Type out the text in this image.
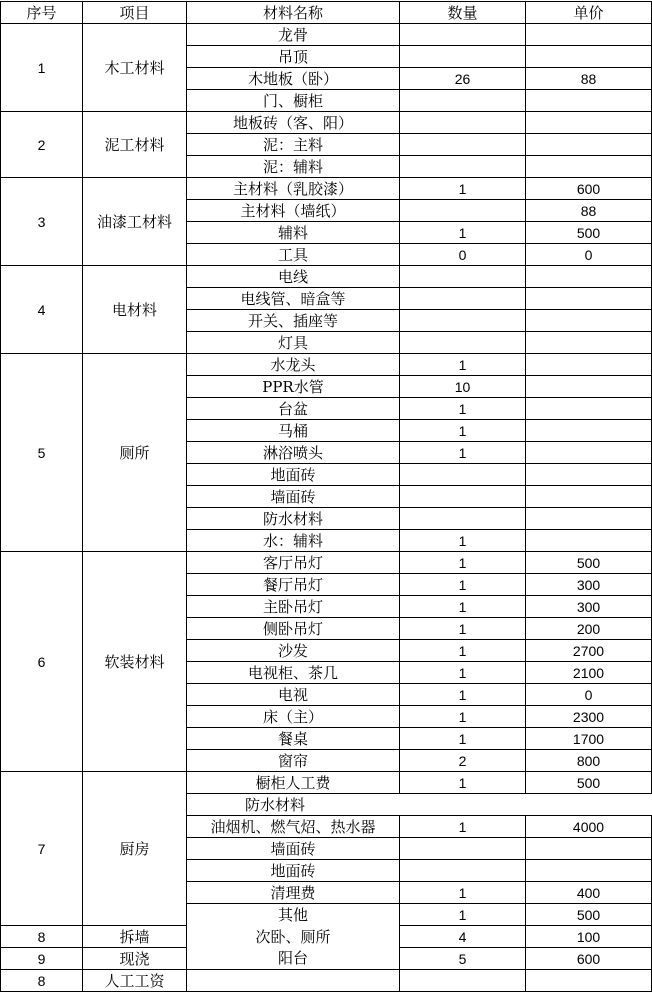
序号	项目	材料名称	数量	单价
1	木工材料	龙骨		
		吊顶		
		木地板（卧）	26	88
		门、橱柜		
2	泥工材料	地板砖（客、阳）		
		泥：主料		
		泥：辅料		
3	油漆工材料	主材料（乳胶漆）	1	600
		主材料（墙纸）		88
		辅料	1	500
		工具	0	0
4	电材料	电线		
		电线管、暗盒等		
		开关、插座等		
		灯具		
5	厕所	水龙头	1	
		PPR水管	10	
		台盆	1	
		马桶	1	
		淋浴喷头	1	
		地面砖		
		墙面砖		
		防水材料		
		水：辅料	1	
6	软装材料	客厅吊灯	1	500
		餐厅吊灯	1	300
		主卧吊灯	1	300
		侧卧吊灯	1	200
		沙发	1	2700
		电视柜、茶几	1	2100
		电视	1	0
		床（主）	1	2300
		餐桌	1	1700
		窗帘	2	800
7	厨房	橱柜人工费	1	500
		防水材料		
		油烟机、燃气炤、热水器	1	4000
		墙面砖		
		地面砖		
		清理费	1	400
		其他	1	500
8	拆墙	次卧、厕所	4	100
9	现浇	阳台	5	600
8	人工工资			
